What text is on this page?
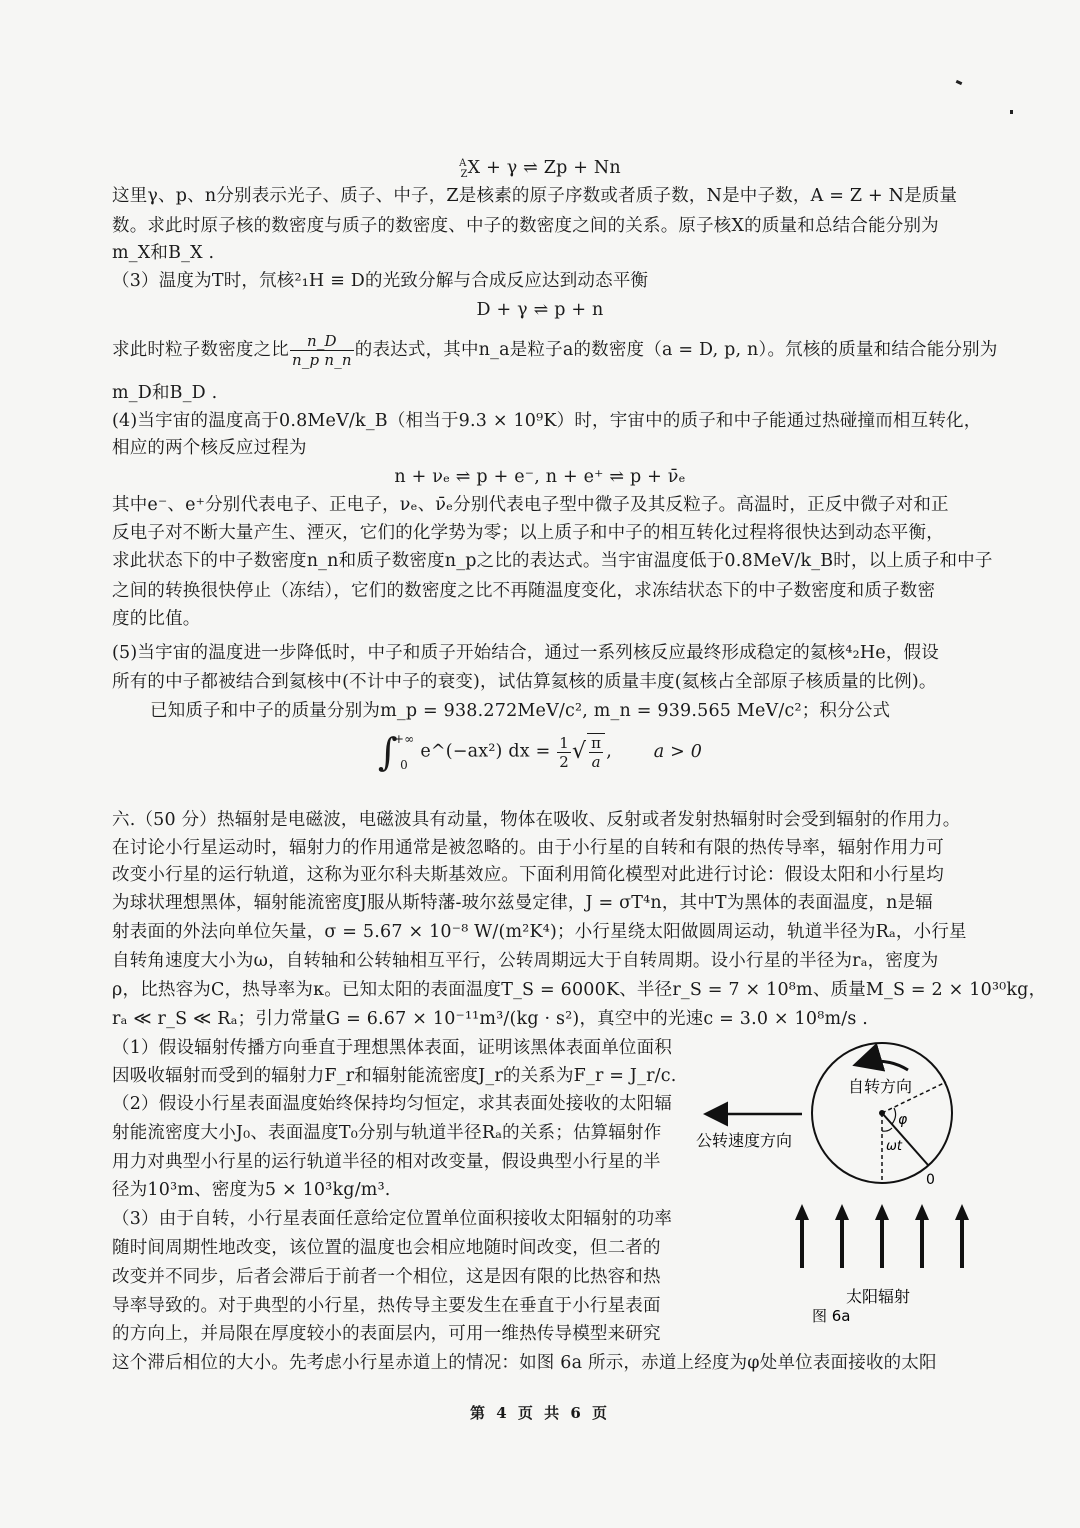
$^A_Z$X + γ ⇌ Zp + Nn
这里γ、p、n分别表示光子、质子、中子，Z是核素的原子序数或者质子数，N是中子数，A = Z + N是质量
数。求此时原子核的数密度与质子的数密度、中子的数密度之间的关系。原子核X的质量和总结合能分别为
m_X和B_X .
（3）温度为T时，氘核²₁H ≡ D的光致分解与合成反应达到动态平衡
D + γ ⇌ p + n
求此时粒子数密度之比 $\frac{n\_D}{\text{n\_p n\_n}}$ 的表达式，其中n_a是粒子a的数密度（a = D, p, n）。氘核的质量和结合能分别为
m_D和B_D .
(4)当宇宙的温度高于0.8MeV/k_B（相当于9.3 × 10⁹K）时，宇宙中的质子和中子能通过热碰撞而相互转化，
相应的两个核反应过程为
n + νₑ ⇌ p + e⁻, n + e⁺ ⇌ p + ν̄ₑ
其中e⁻、e⁺分别代表电子、正电子，νₑ、ν̄ₑ分别代表电子型中微子及其反粒子。高温时，正反中微子对和正
反电子对不断大量产生、湮灭，它们的化学势为零；以上质子和中子的相互转化过程将很快达到动态平衡，
求此状态下的中子数密度n_n和质子数密度n_p之比的表达式。当宇宙温度低于0.8MeV/k_B时，以上质子和中子
之间的转换很快停止（冻结），它们的数密度之比不再随温度变化，求冻结状态下的中子数密度和质子数密
度的比值。
(5)当宇宙的温度进一步降低时，中子和质子开始结合，通过一系列核反应最终形成稳定的氦核⁴₂He，假设
所有的中子都被结合到氦核中(不计中子的衰变)，试估算氦核的质量丰度(氦核占全部原子核质量的比例)。
已知质子和中子的质量分别为m_p = 938.272MeV/c², m_n = 939.565 MeV/c²；积分公式
∫
+∞
0
e^(−ax²) dx = $\frac{1}{2}$ √ $\frac{\pi}{a}$ , a > 0
六.（50 分）热辐射是电磁波，电磁波具有动量，物体在吸收、反射或者发射热辐射时会受到辐射的作用力。
在讨论小行星运动时，辐射力的作用通常是被忽略的。由于小行星的自转和有限的热传导率，辐射作用力可
改变小行星的运行轨道，这称为亚尔科夫斯基效应。下面利用简化模型对此进行讨论：假设太阳和小行星均
为球状理想黑体，辐射能流密度J服从斯特藩-玻尔兹曼定律，J = σT⁴n，其中T为黑体的表面温度，n是辐
射表面的外法向单位矢量，σ = 5.67 × 10⁻⁸ W/(m²K⁴)；小行星绕太阳做圆周运动，轨道半径为Rₐ，小行星
自转角速度大小为ω，自转轴和公转轴相互平行，公转周期远大于自转周期。设小行星的半径为rₐ，密度为
ρ，比热容为C，热导率为κ。已知太阳的表面温度T_S = 6000K、半径r_S = 7 × 10⁸m、质量M_S = 2 × 10³⁰kg，
rₐ ≪ r_S ≪ Rₐ；引力常量G = 6.67 × 10⁻¹¹m³/(kg · s²)，真空中的光速c = 3.0 × 10⁸m/s .
（1）假设辐射传播方向垂直于理想黑体表面，证明该黑体表面单位面积
因吸收辐射而受到的辐射力F_r和辐射能流密度J_r的关系为F_r = J_r/c.
（2）假设小行星表面温度始终保持均匀恒定，求其表面处接收的太阳辐
射能流密度大小J₀、表面温度T₀分别与轨道半径Rₐ的关系；估算辐射作
用力对典型小行星的运行轨道半径的相对改变量，假设典型小行星的半
径为10³m、密度为5 × 10³kg/m³.
（3）由于自转，小行星表面任意给定位置单位面积接收太阳辐射的功率
随时间周期性地改变，该位置的温度也会相应地随时间改变，但二者的
改变并不同步，后者会滞后于前者一个相位，这是因有限的比热容和热
导率导致的。对于典型的小行星，热传导主要发生在垂直于小行星表面
的方向上，并局限在厚度较小的表面层内，可用一维热传导模型来研究
这个滞后相位的大小。先考虑小行星赤道上的情况：如图 6a 所示，赤道上经度为φ处单位表面接收的太阳
自转方向
φ
ωt
0
公转速度方向
太阳辐射
图 6a
第 4 页 共 6 页
